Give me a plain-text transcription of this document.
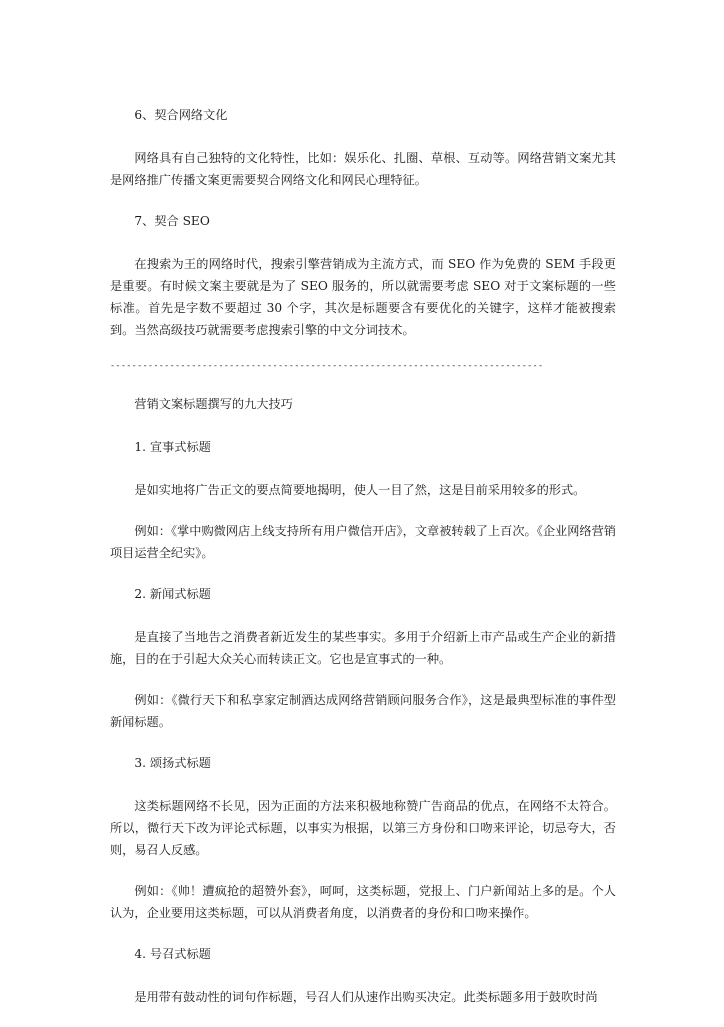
6、契合网络文化

网络具有自己独特的文化特性，比如：娱乐化、扎圈、草根、互动等。网络营销文案尤其是网络推广传播文案更需要契合网络文化和网民心理特征。

7、契合 SEO

在搜索为王的网络时代，搜索引擎营销成为主流方式，而 SEO 作为免费的 SEM 手段更是重要。有时候文案主要就是为了 SEO 服务的，所以就需要考虑 SEO 对于文案标题的一些标准。首先是字数不要超过 30 个字，其次是标题要含有要优化的关键字，这样才能被搜索到。当然高级技巧就需要考虑搜索引擎的中文分词技术。

--------------------------------------------------------------------------------

营销文案标题撰写的九大技巧

1. 宣事式标题

是如实地将广告正文的要点简要地揭明，使人一目了然，这是目前采用较多的形式。

例如：《掌中购微网店上线支持所有用户微信开店》，文章被转载了上百次。《企业网络营销项目运营全纪实》。

2. 新闻式标题

是直接了当地告之消费者新近发生的某些事实。多用于介绍新上市产品或生产企业的新措施，目的在于引起大众关心而转读正文。它也是宣事式的一种。

例如：《微行天下和私享家定制酒达成网络营销顾问服务合作》，这是最典型标准的事件型新闻标题。

3. 颂扬式标题

这类标题网络不长见，因为正面的方法来积极地称赞广告商品的优点，在网络不太符合。所以，微行天下改为评论式标题，以事实为根据，以第三方身份和口吻来评论，切忌夸大，否则，易召人反感。

例如：《帅！遭疯抢的超赞外套》，呵呵，这类标题，党报上、门户新闻站上多的是。个人认为，企业要用这类标题，可以从消费者角度，以消费者的身份和口吻来操作。

4. 号召式标题

是用带有鼓动性的词句作标题，号召人们从速作出购买决定。此类标题多用于鼓吹时尚
